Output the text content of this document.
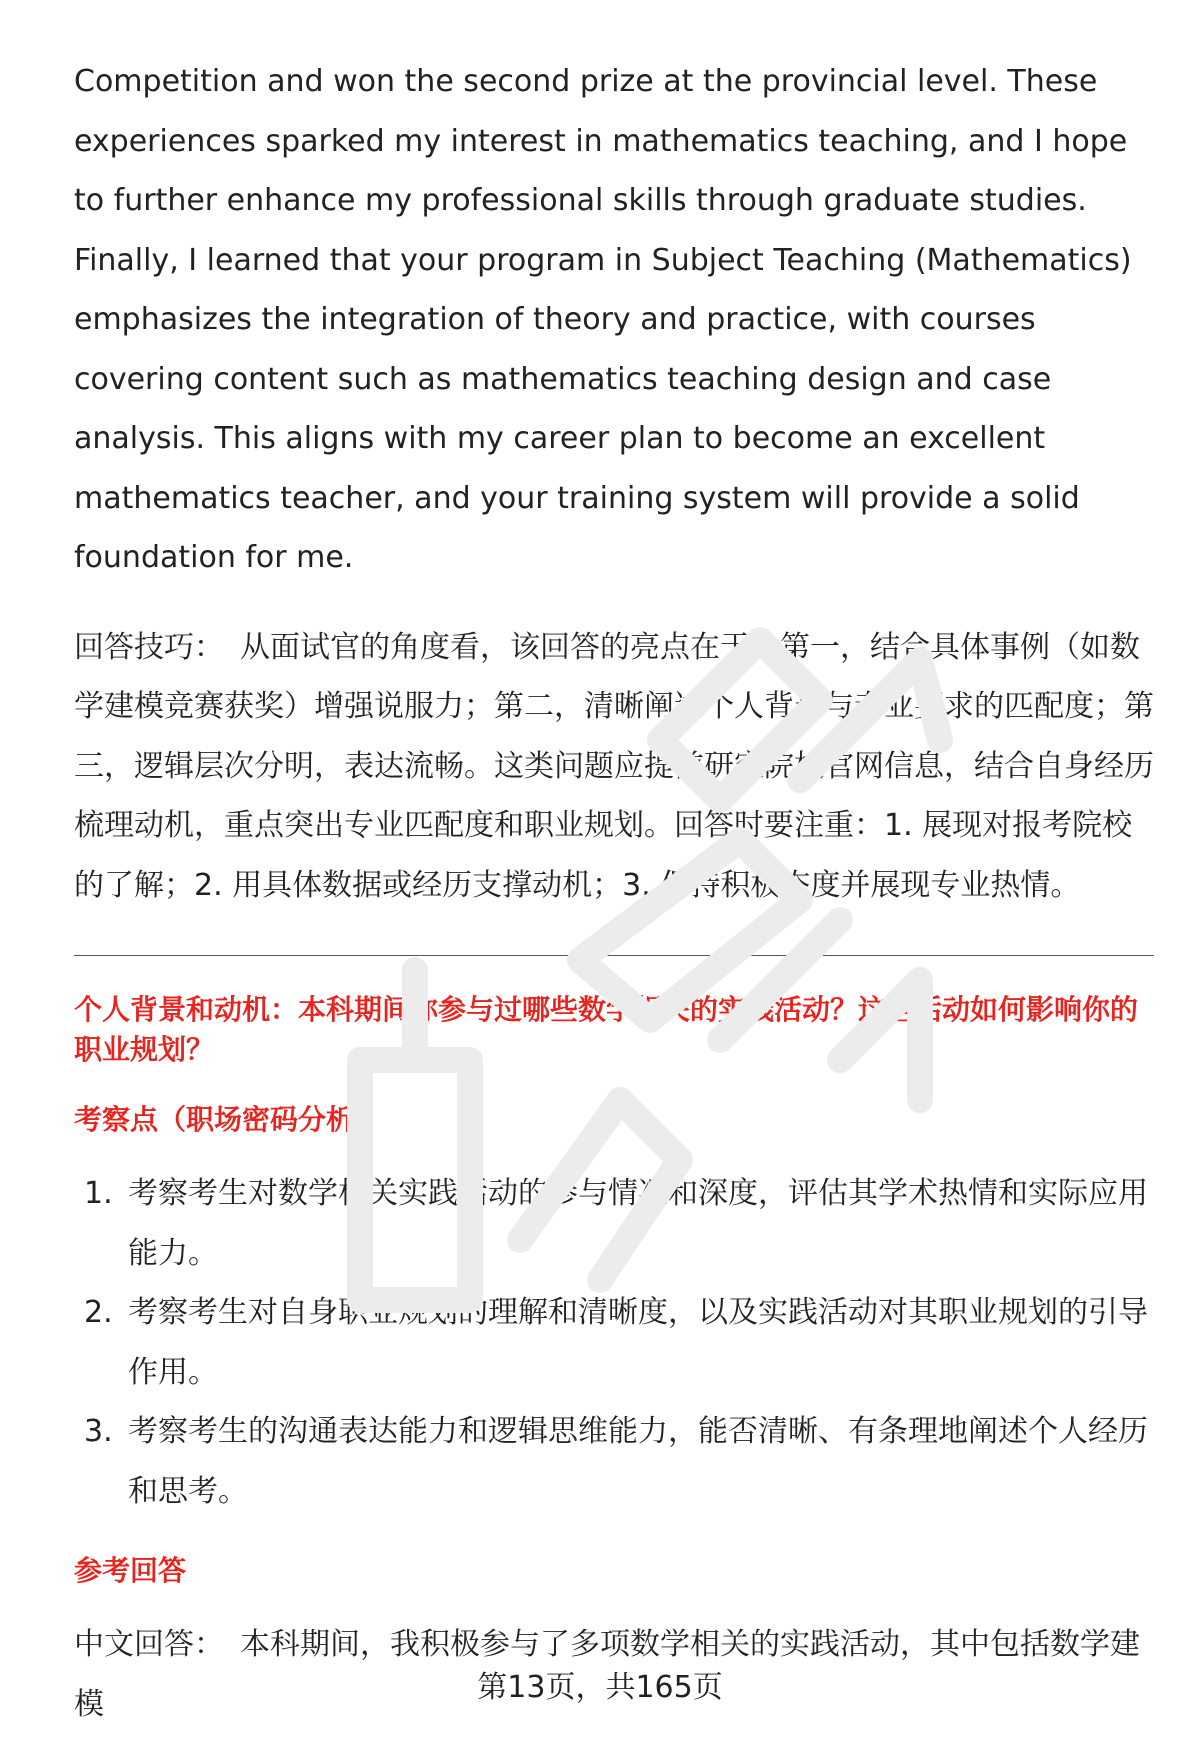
Competition and won the second prize at the provincial level. These experiences sparked my interest in mathematics teaching, and I hope to further enhance my professional skills through graduate studies. Finally, I learned that your program in Subject Teaching (Mathematics) emphasizes the integration of theory and practice, with courses covering content such as mathematics teaching design and case analysis. This aligns with my career plan to become an excellent mathematics teacher, and your training system will provide a solid foundation for me.

回答技巧： 从面试官的角度看，该回答的亮点在于：第一，结合具体事例（如数学建模竞赛获奖）增强说服力；第二，清晰阐述个人背景与专业要求的匹配度；第三，逻辑层次分明，表达流畅。这类问题应提前研究院校官网信息，结合自身经历梳理动机，重点突出专业匹配度和职业规划。回答时要注重：1. 展现对报考院校的了解；2. 用具体数据或经历支撑动机；3. 保持积极态度并展现专业热情。

个人背景和动机：本科期间你参与过哪些数学相关的实践活动？这些活动如何影响你的职业规划？
考察点（职场密码分析）
1. 考察考生对数学相关实践活动的参与情况和深度，评估其学术热情和实际应用能力。
2. 考察考生对自身职业规划的理解和清晰度，以及实践活动对其职业规划的引导作用。
3. 考察考生的沟通表达能力和逻辑思维能力，能否清晰、有条理地阐述个人经历和思考。
参考回答

中文回答： 本科期间，我积极参与了多项数学相关的实践活动，其中包括数学建模	第13页，共165页
